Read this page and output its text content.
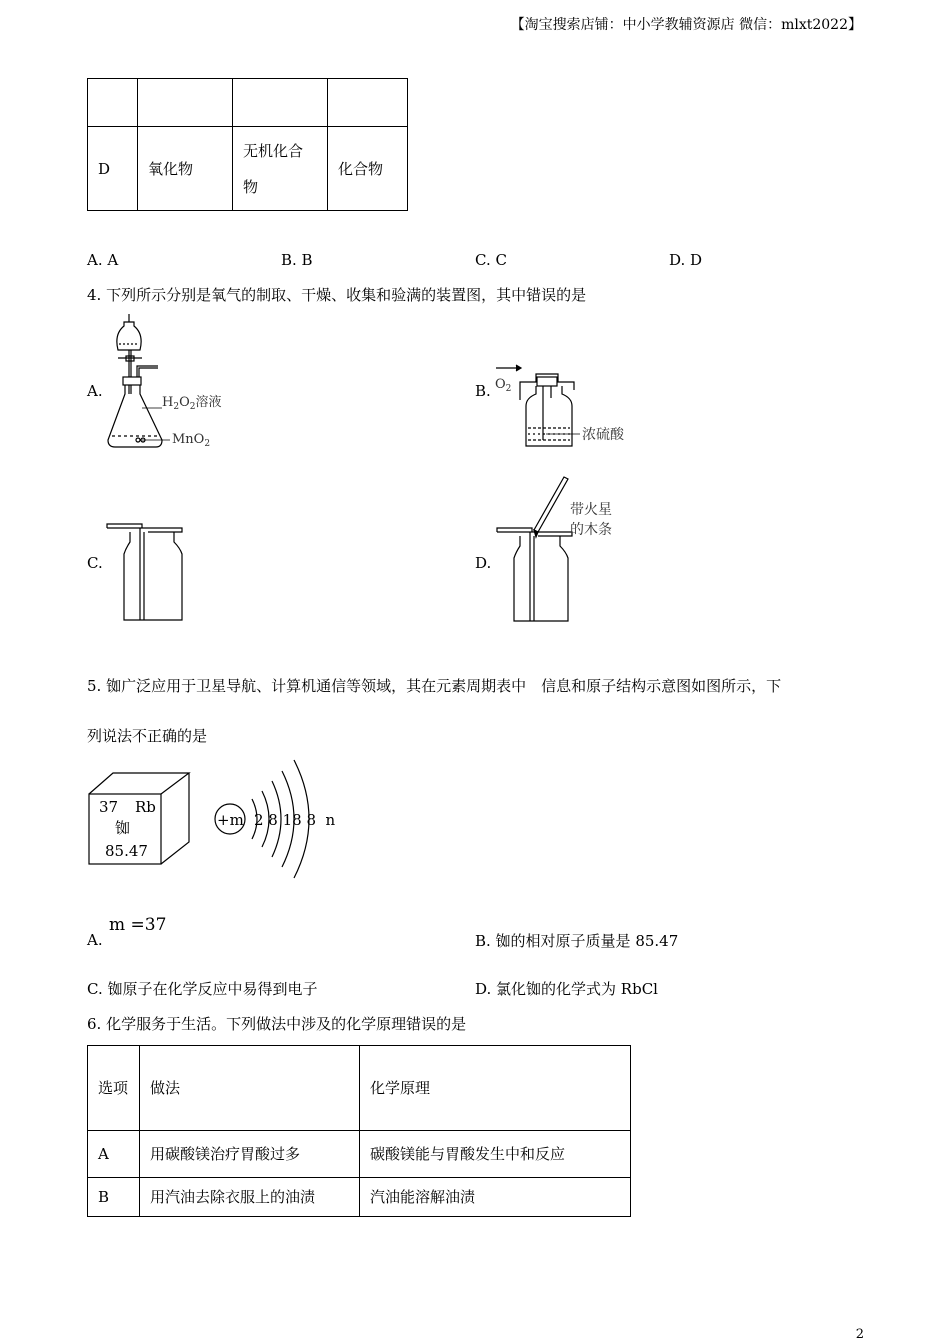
【淘宝搜索店铺：中小学教辅资源店 微信：mlxt2022】

D	氧化物	无机化合物	化合物
A. A	B. B	C. C	D. D
4. 下列所示分别是氧气的制取、干燥、收集和验满的装置图，其中错误的是
A.	B.
C.	D.
$H_2O_2$溶液
MnO$_2$
$O_2$
浓硫酸
带火星
的木条
5. 铷广泛应用于卫星导航、计算机通信等领域，其在元素周期表中　信息和原子结构示意图如图所示，下
列说法不正确的是
37 Rb
铷
85.47
+m 2 8 18 8  n
A.
m =37
B. 铷的相对原子质量是 85.47
C. 铷原子在化学反应中易得到电子	D. 氯化铷的化学式为 RbCl
6. 化学服务于生活。下列做法中涉及的化学原理错误的是
选项	做法	化学原理
A	用碳酸镁治疗胃酸过多	碳酸镁能与胃酸发生中和反应
B	用汽油去除衣服上的油渍	汽油能溶解油渍
2
